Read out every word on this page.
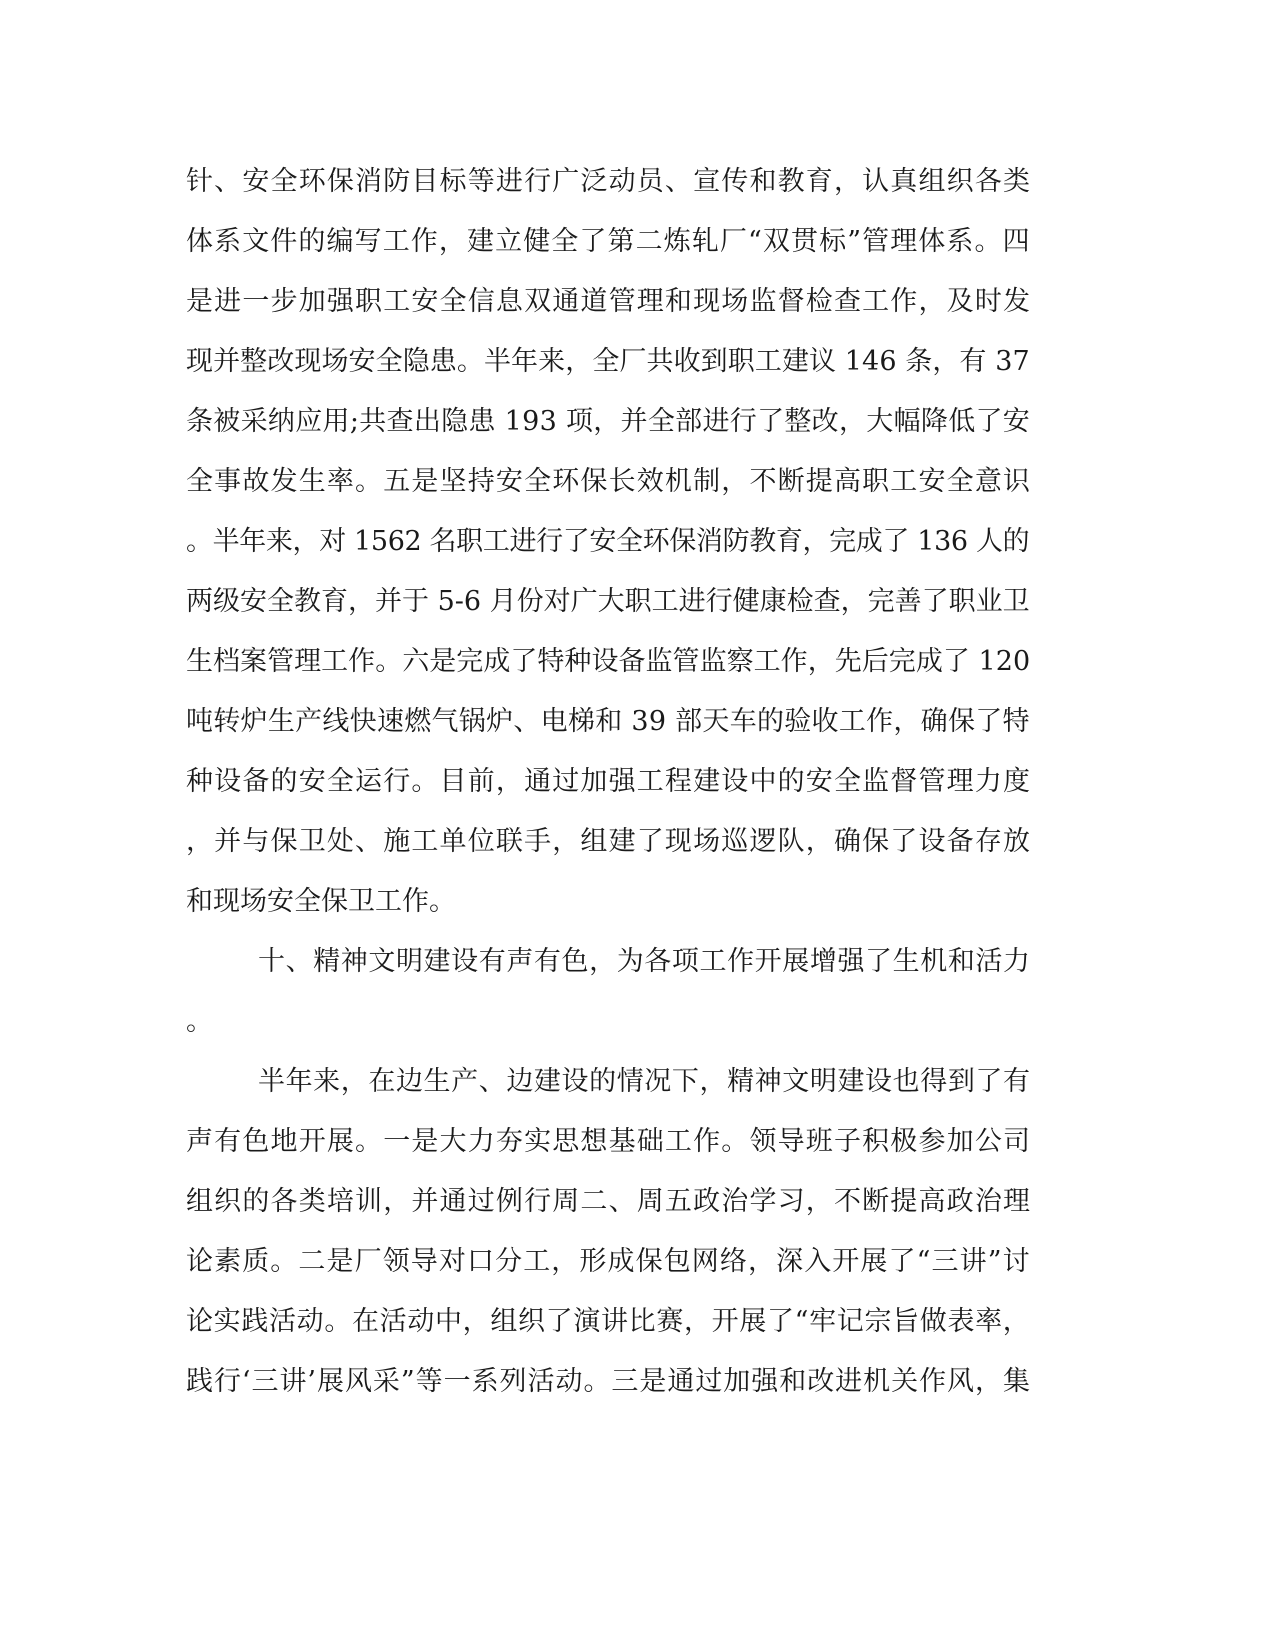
针、安全环保消防目标等进行广泛动员、宣传和教育，认真组织各类
体系文件的编写工作，建立健全了第二炼轧厂“双贯标”管理体系。四
是进一步加强职工安全信息双通道管理和现场监督检查工作，及时发
现并整改现场安全隐患。半年来，全厂共收到职工建议 146 条，有 37
条被采纳应用;共查出隐患 193 项，并全部进行了整改，大幅降低了安
全事故发生率。五是坚持安全环保长效机制，不断提高职工安全意识
。半年来，对 1562 名职工进行了安全环保消防教育，完成了 136 人的
两级安全教育，并于 5-6 月份对广大职工进行健康检查，完善了职业卫
生档案管理工作。六是完成了特种设备监管监察工作，先后完成了 120
吨转炉生产线快速燃气锅炉、电梯和 39 部天车的验收工作，确保了特
种设备的安全运行。目前，通过加强工程建设中的安全监督管理力度
，并与保卫处、施工单位联手，组建了现场巡逻队，确保了设备存放
和现场安全保卫工作。
十、精神文明建设有声有色，为各项工作开展增强了生机和活力
。
半年来，在边生产、边建设的情况下，精神文明建设也得到了有
声有色地开展。一是大力夯实思想基础工作。领导班子积极参加公司
组织的各类培训，并通过例行周二、周五政治学习，不断提高政治理
论素质。二是厂领导对口分工，形成保包网络，深入开展了“三讲”讨
论实践活动。在活动中，组织了演讲比赛，开展了“牢记宗旨做表率，
践行‘三讲’展风采”等一系列活动。三是通过加强和改进机关作风，集
